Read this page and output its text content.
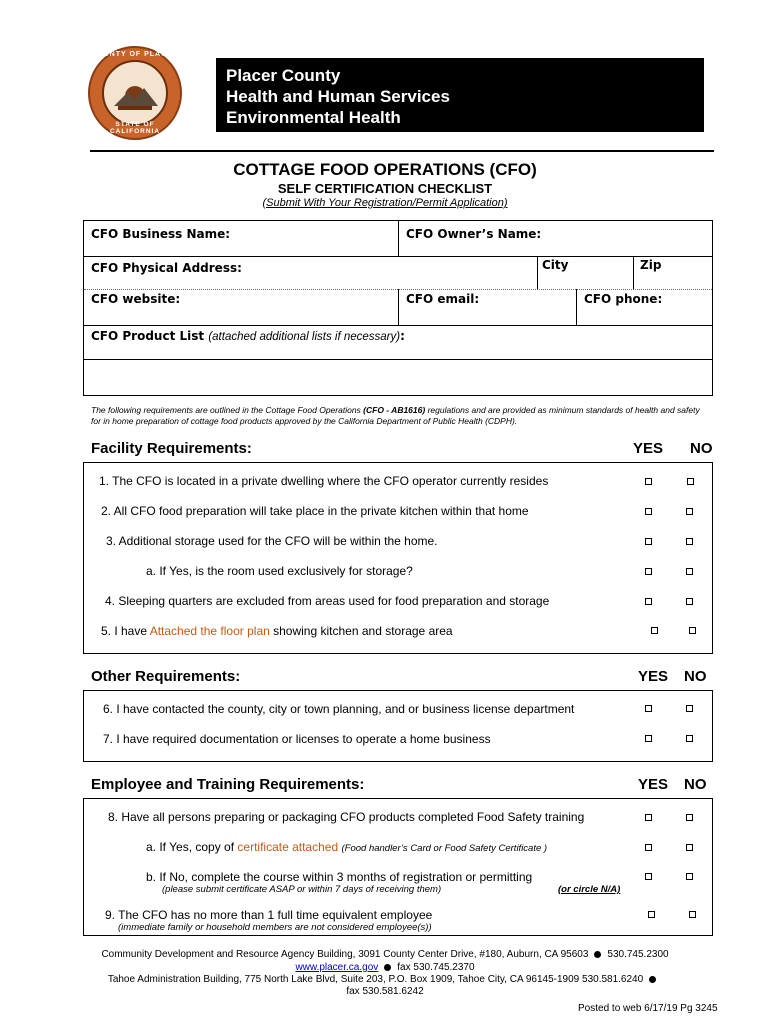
COUNTY OF PLACER
STATE OF CALIFORNIA
Placer County
Health and Human Services
Environmental Health
COTTAGE FOOD OPERATIONS (CFO)
SELF CERTIFICATION CHECKLIST
(Submit With Your Registration/Permit Application)
CFO Business Name:	CFO Owner’s Name:
CFO Physical Address:	City	Zip
CFO website:	CFO email:	CFO phone:
CFO Product List (attached additional lists if necessary):
The following requirements are outlined in the Cottage Food Operations (CFO - AB1616) regulations and are provided as minimum standards of health and safety for in home preparation of cottage food products approved by the California Department of Public Health (CDPH).
Facility Requirements:	YES NO
1. The CFO is located in a private dwelling where the CFO operator currently resides
2. All CFO food preparation will take place in the private kitchen within that home
3. Additional storage used for the CFO will be within the home.
a. If Yes, is the room used exclusively for storage?
4. Sleeping quarters are excluded from areas used for food preparation and storage
5. I have Attached the floor plan showing kitchen and storage area
Other Requirements:	YES NO
6. I have contacted the county, city or town planning, and or business license department
7. I have required documentation or licenses to operate a home business
Employee and Training Requirements:	YES NO
8. Have all persons preparing or packaging CFO products completed Food Safety training
a. If Yes, copy of certificate attached (Food handler’s Card or Food Safety Certificate )
b. If No, complete the course within 3 months of registration or permitting
(please submit certificate ASAP or within 7 days of receiving them)	(or circle N/A)
9. The CFO has no more than 1 full time equivalent employee
(immediate family or household members are not considered employee(s))
Community Development and Resource Agency Building, 3091 County Center Drive, #180, Auburn, CA 95603 530.745.2300
www.placer.ca.gov fax 530.745.2370
Tahoe Administration Building, 775 North Lake Blvd, Suite 203, P.O. Box 1909, Tahoe City, CA 96145-1909 530.581.6240
fax 530.581.6242
Posted to web 6/17/19 Pg 3245
